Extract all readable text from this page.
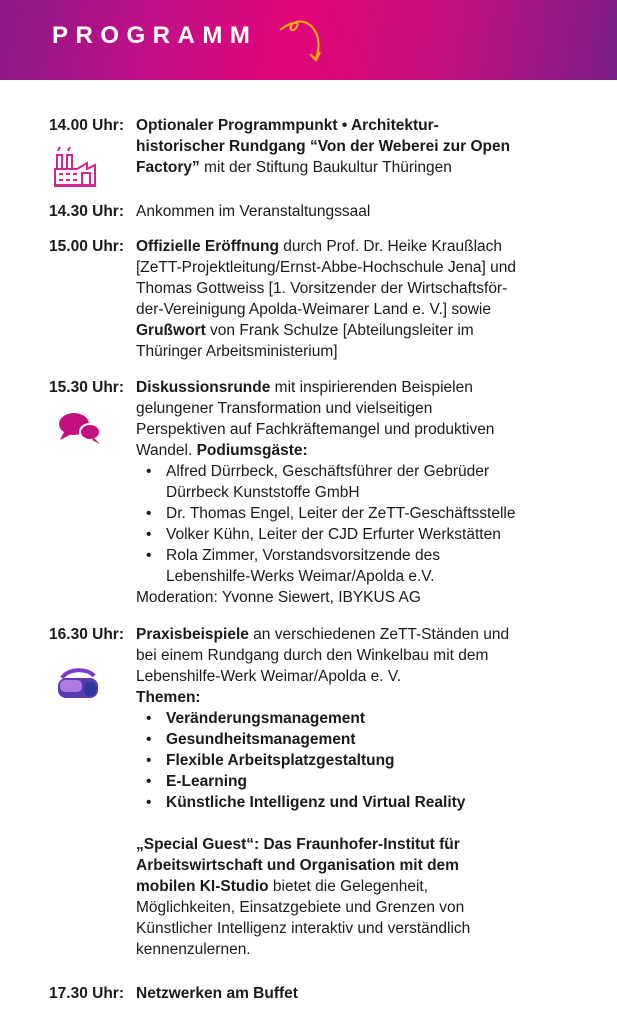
PROGRAMM
14.00 Uhr: Optionaler Programmpunkt • Architektur-
historischer Rundgang “Von der Weberei zur Open
Factory” mit der Stiftung Baukultur Thüringen
14.30 Uhr: Ankommen im Veranstaltungssaal
15.00 Uhr: Offizielle Eröffnung durch Prof. Dr. Heike Kraußlach
[ZeTT-Projektleitung/Ernst-Abbe-Hochschule Jena] und
Thomas Gottweiss [1. Vorsitzender der Wirtschaftsför-
der-Vereinigung Apolda-Weimarer Land e. V.] sowie
Grußwort von Frank Schulze [Abteilungsleiter im
Thüringer Arbeitsministerium]
15.30 Uhr: Diskussionsrunde mit inspirierenden Beispielen
gelungener Transformation und vielseitigen
Perspektiven auf Fachkräftemangel und produktiven
Wandel. Podiumsgäste:
• Alfred Dürrbeck, Geschäftsführer der Gebrüder
Dürrbeck Kunststoffe GmbH
• Dr. Thomas Engel, Leiter der ZeTT-Geschäftsstelle
• Volker Kühn, Leiter der CJD Erfurter Werkstätten
• Rola Zimmer, Vorstandsvorsitzende des
Lebenshilfe-Werks Weimar/Apolda e.V.
Moderation: Yvonne Siewert, IBYKUS AG
16.30 Uhr: Praxisbeispiele an verschiedenen ZeTT-Ständen und
bei einem Rundgang durch den Winkelbau mit dem
Lebenshilfe-Werk Weimar/Apolda e. V.
Themen:
• Veränderungsmanagement
• Gesundheitsmanagement
• Flexible Arbeitsplatzgestaltung
• E-Learning
• Künstliche Intelligenz und Virtual Reality
„Special Guest“: Das Fraunhofer-Institut für
Arbeitswirtschaft und Organisation mit dem
mobilen KI-Studio bietet die Gelegenheit,
Möglichkeiten, Einsatzgebiete und Grenzen von
Künstlicher Intelligenz interaktiv und verständlich
kennenzulernen.
17.30 Uhr: Netzwerken am Buffet
